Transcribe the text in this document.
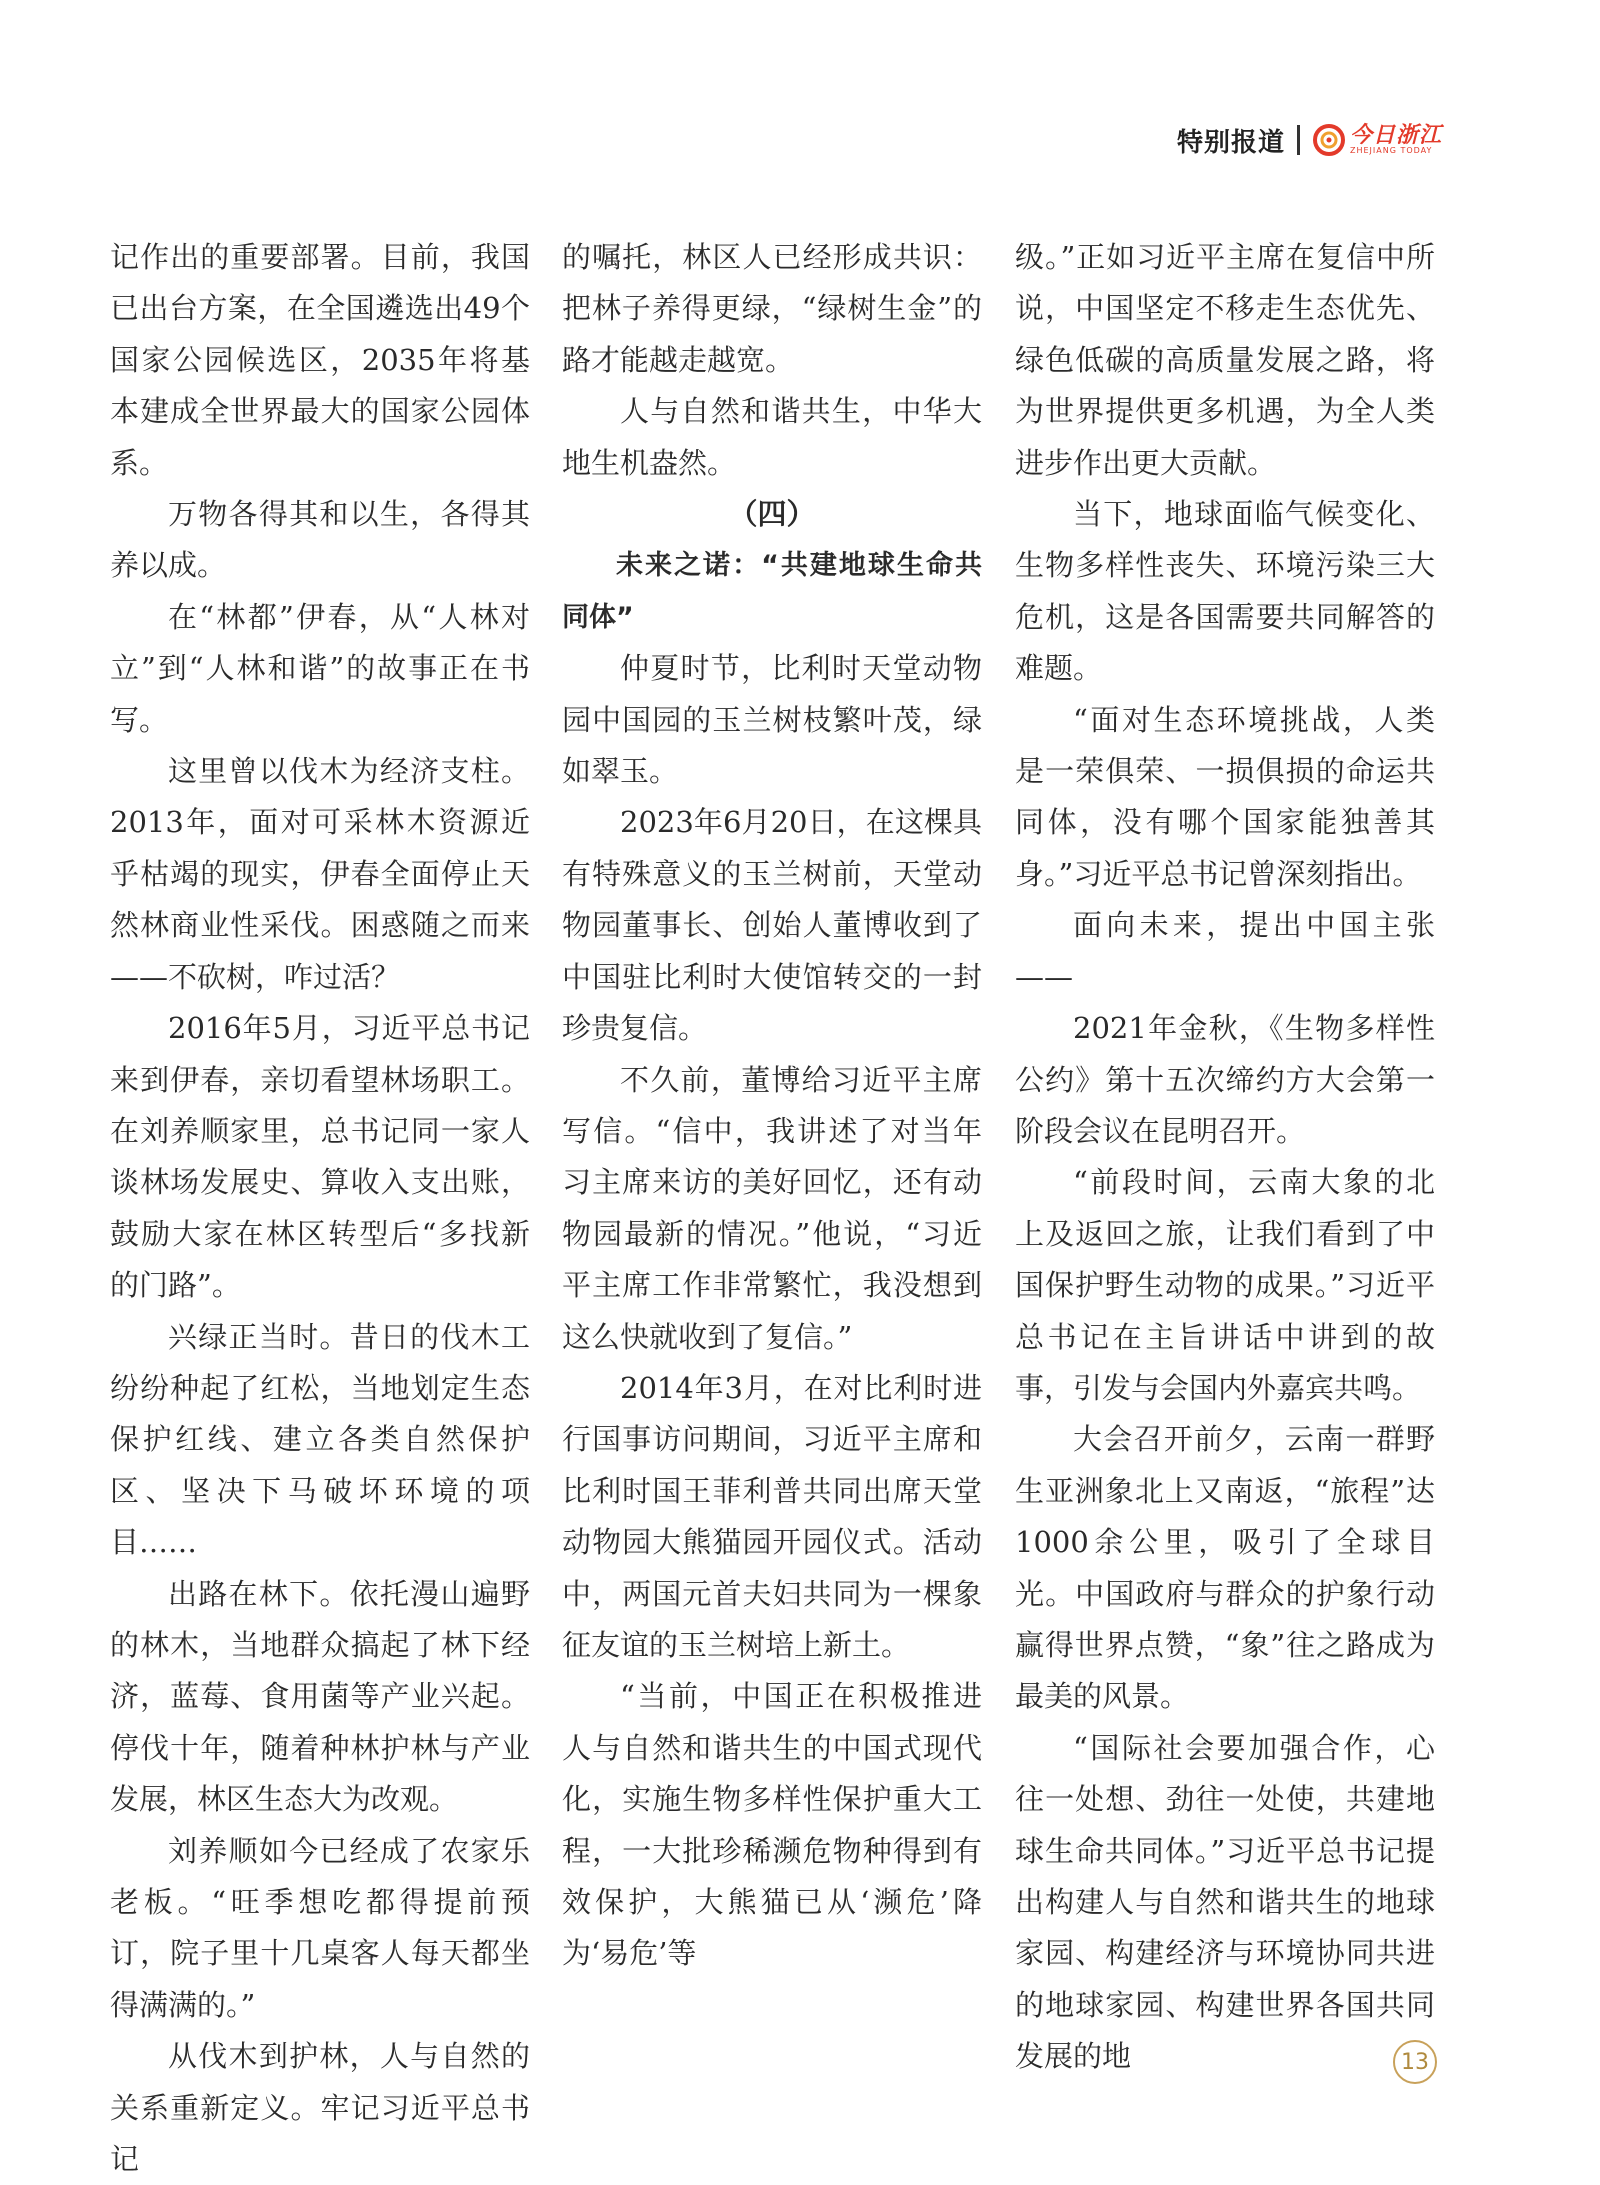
特别报道	今日浙江
ZHEJIANG TODAY

记作出的重要部署。目前，我国已出台方案，在全国遴选出49个国家公园候选区，2035年将基本建成全世界最大的国家公园体系。

万物各得其和以生，各得其养以成。

在“林都”伊春，从“人林对立”到“人林和谐”的故事正在书写。

这里曾以伐木为经济支柱。2013年，面对可采林木资源近乎枯竭的现实，伊春全面停止天然林商业性采伐。困惑随之而来——不砍树，咋过活？

2016年5月，习近平总书记来到伊春，亲切看望林场职工。在刘养顺家里，总书记同一家人谈林场发展史、算收入支出账，鼓励大家在林区转型后“多找新的门路”。

兴绿正当时。昔日的伐木工纷纷种起了红松，当地划定生态保护红线、建立各类自然保护区、坚决下马破坏环境的项目……

出路在林下。依托漫山遍野的林木，当地群众搞起了林下经济，蓝莓、食用菌等产业兴起。停伐十年，随着种林护林与产业发展，林区生态大为改观。

刘养顺如今已经成了农家乐老板。“旺季想吃都得提前预订，院子里十几桌客人每天都坐得满满的。”

从伐木到护林，人与自然的关系重新定义。牢记习近平总书记

的嘱托，林区人已经形成共识：把林子养得更绿，“绿树生金”的路才能越走越宽。

人与自然和谐共生，中华大地生机盎然。

（四）

未来之诺：“共建地球生命共同体”

仲夏时节，比利时天堂动物园中国园的玉兰树枝繁叶茂，绿如翠玉。

2023年6月20日，在这棵具有特殊意义的玉兰树前，天堂动物园董事长、创始人董博收到了中国驻比利时大使馆转交的一封珍贵复信。

不久前，董博给习近平主席写信。“信中，我讲述了对当年习主席来访的美好回忆，还有动物园最新的情况。”他说，“习近平主席工作非常繁忙，我没想到这么快就收到了复信。”

2014年3月，在对比利时进行国事访问期间，习近平主席和比利时国王菲利普共同出席天堂动物园大熊猫园开园仪式。活动中，两国元首夫妇共同为一棵象征友谊的玉兰树培上新土。

“当前，中国正在积极推进人与自然和谐共生的中国式现代化，实施生物多样性保护重大工程，一大批珍稀濒危物种得到有效保护，大熊猫已从‘濒危’降为‘易危’等

级。”正如习近平主席在复信中所说，中国坚定不移走生态优先、绿色低碳的高质量发展之路，将为世界提供更多机遇，为全人类进步作出更大贡献。

当下，地球面临气候变化、生物多样性丧失、环境污染三大危机，这是各国需要共同解答的难题。

“面对生态环境挑战，人类是一荣俱荣、一损俱损的命运共同体，没有哪个国家能独善其身。”习近平总书记曾深刻指出。

面向未来，提出中国主张——

2021年金秋，《生物多样性公约》第十五次缔约方大会第一阶段会议在昆明召开。

“前段时间，云南大象的北上及返回之旅，让我们看到了中国保护野生动物的成果。”习近平总书记在主旨讲话中讲到的故事，引发与会国内外嘉宾共鸣。

大会召开前夕，云南一群野生亚洲象北上又南返，“旅程”达1000余公里，吸引了全球目光。中国政府与群众的护象行动赢得世界点赞，“象”往之路成为最美的风景。

“国际社会要加强合作，心往一处想、劲往一处使，共建地球生命共同体。”习近平总书记提出构建人与自然和谐共生的地球家园、构建经济与环境协同共进的地球家园、构建世界各国共同发展的地	13
